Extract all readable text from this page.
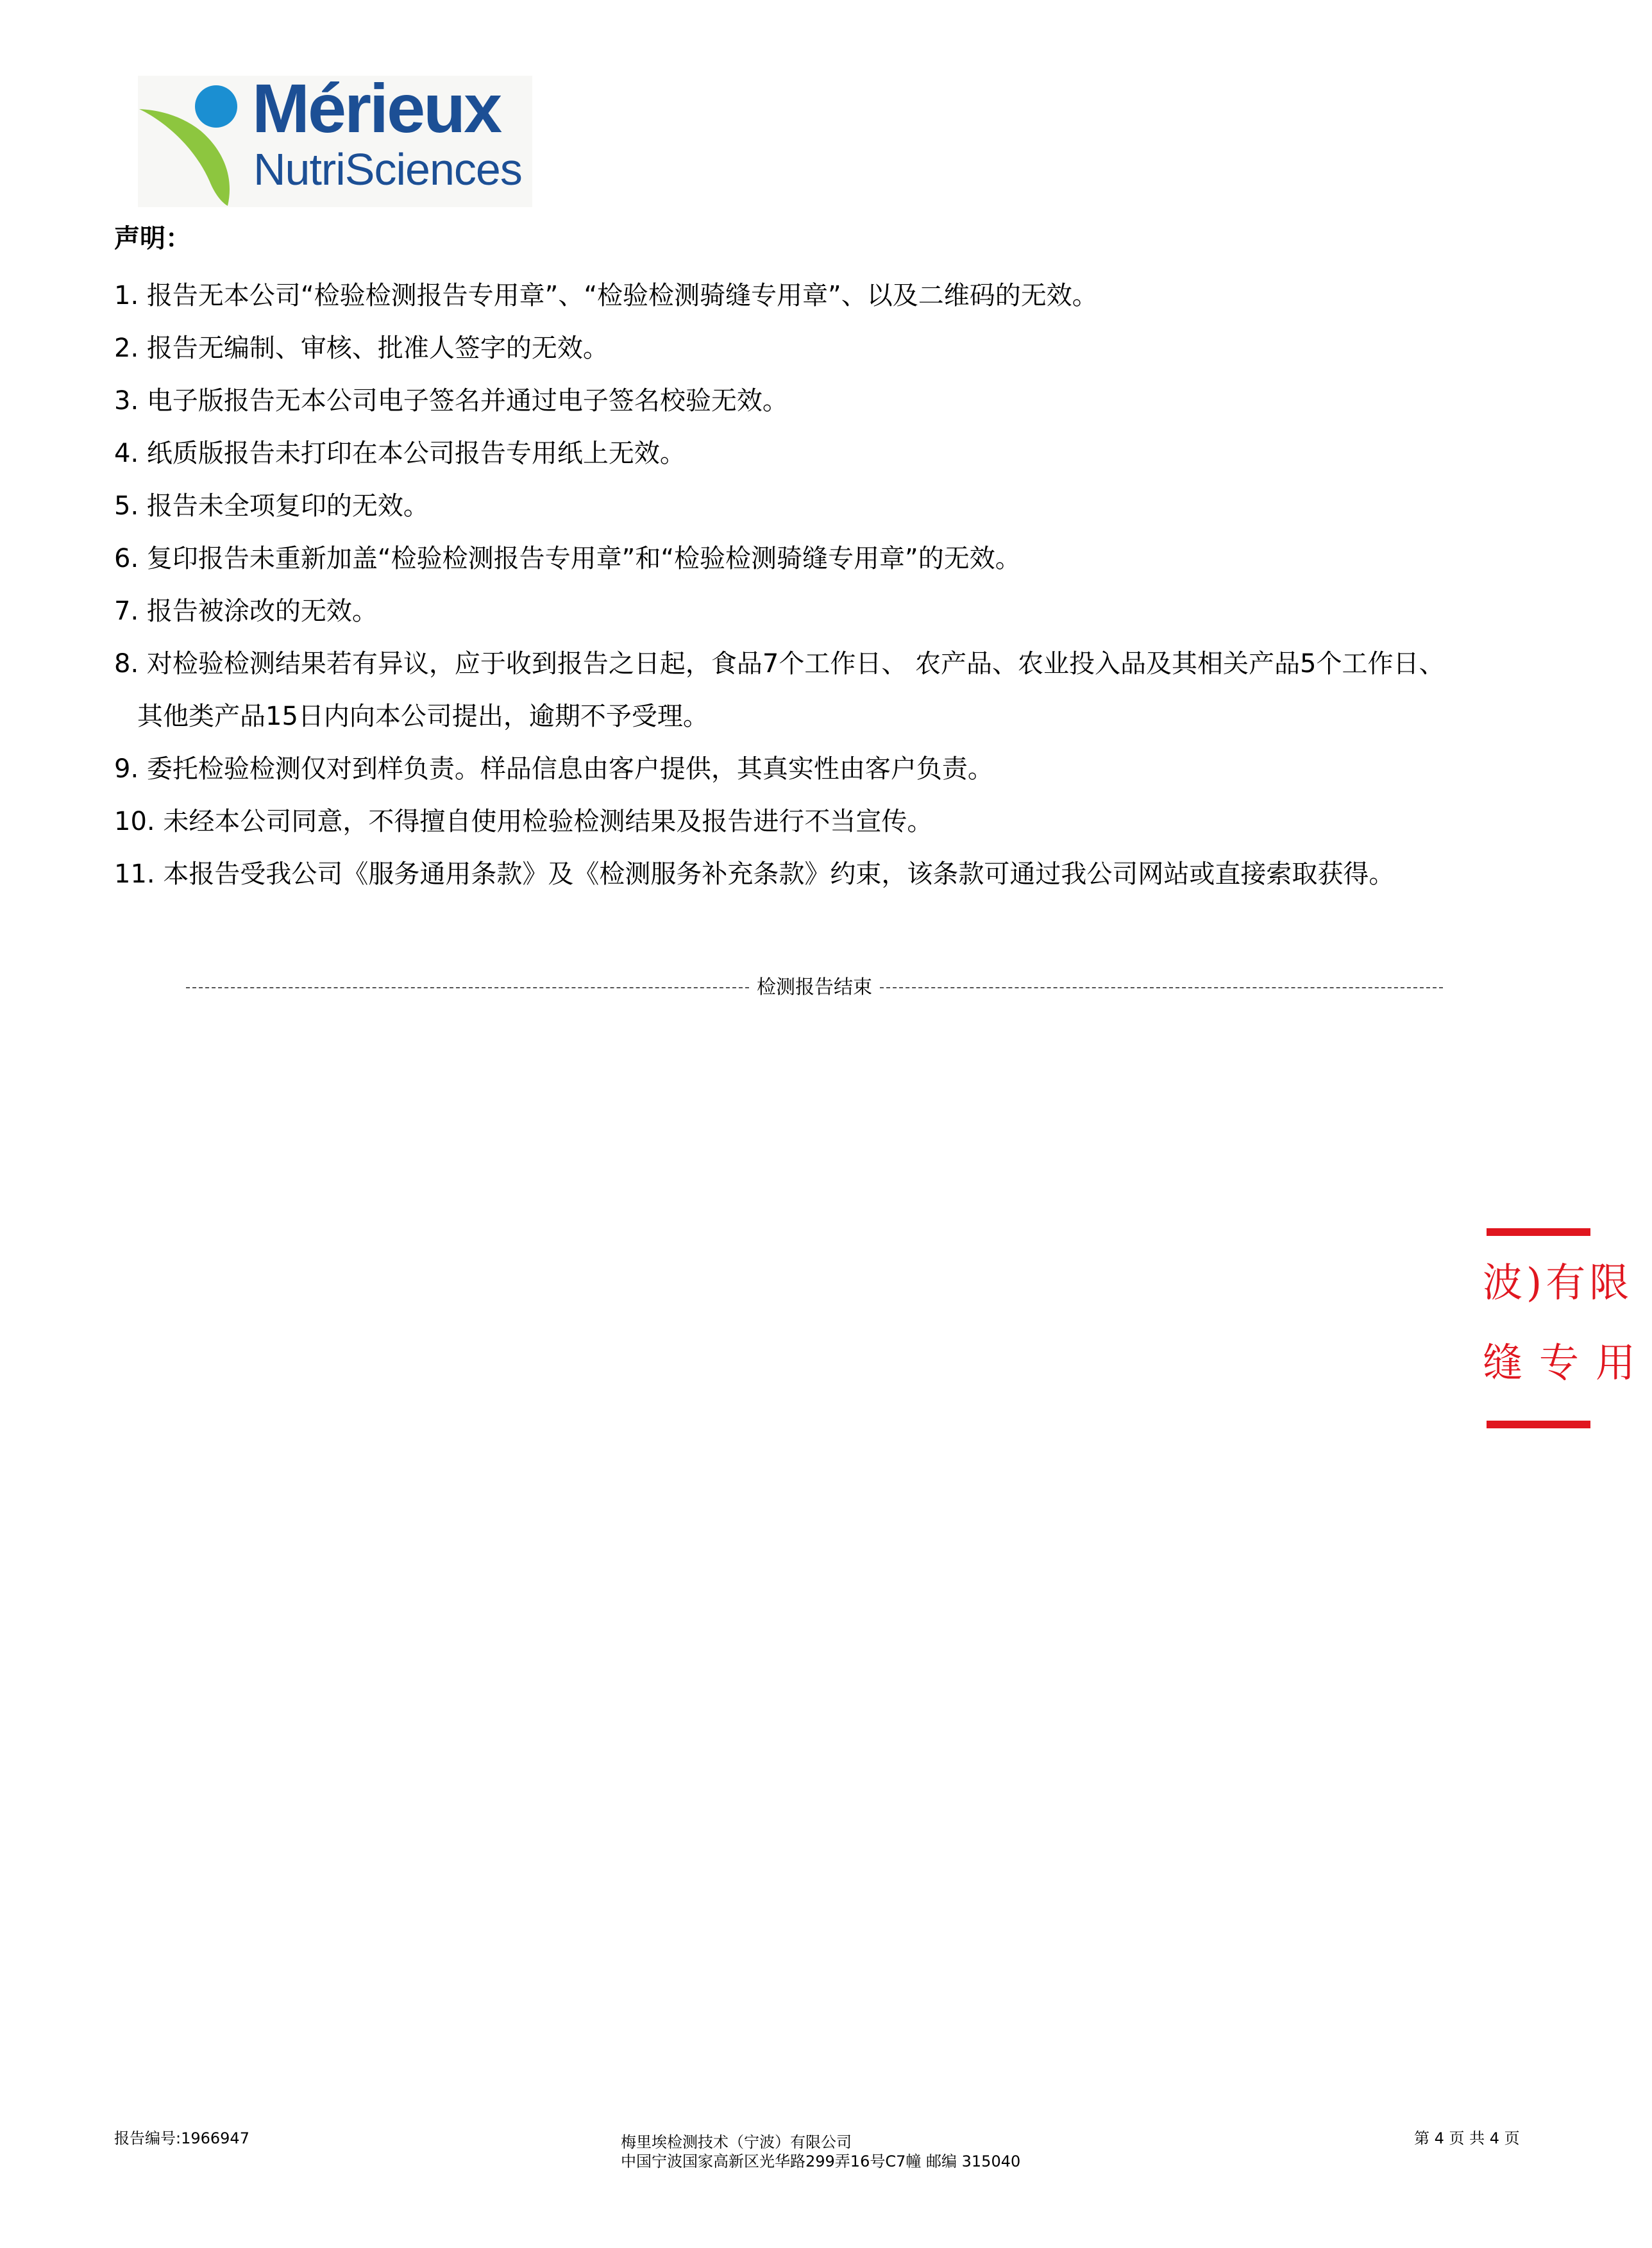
Mérieux
NutriSciences
声明：
1. 报告无本公司“检验检测报告专用章”、“检验检测骑缝专用章”、以及二维码的无效。
2. 报告无编制、审核、批准人签字的无效。
3. 电子版报告无本公司电子签名并通过电子签名校验无效。
4. 纸质版报告未打印在本公司报告专用纸上无效。
5. 报告未全项复印的无效。
6. 复印报告未重新加盖“检验检测报告专用章”和“检验检测骑缝专用章”的无效。
7. 报告被涂改的无效。
8. 对检验检测结果若有异议，应于收到报告之日起，食品7个工作日、 农产品、农业投入品及其相关产品5个工作日、
其他类产品15日内向本公司提出，逾期不予受理。
9. 委托检验检测仅对到样负责。样品信息由客户提供，其真实性由客户负责。
10. 未经本公司同意，不得擅自使用检验检测结果及报告进行不当宣传。
11. 本报告受我公司《服务通用条款》及《检测服务补充条款》约束，该条款可通过我公司网站或直接索取获得。
检测报告结束
波)有限
缝专用
报告编号:1966947	梅里埃检测技术（宁波）有限公司
中国宁波国家高新区光华路299弄16号C7幢 邮编 315040
第 4 页 共 4 页
